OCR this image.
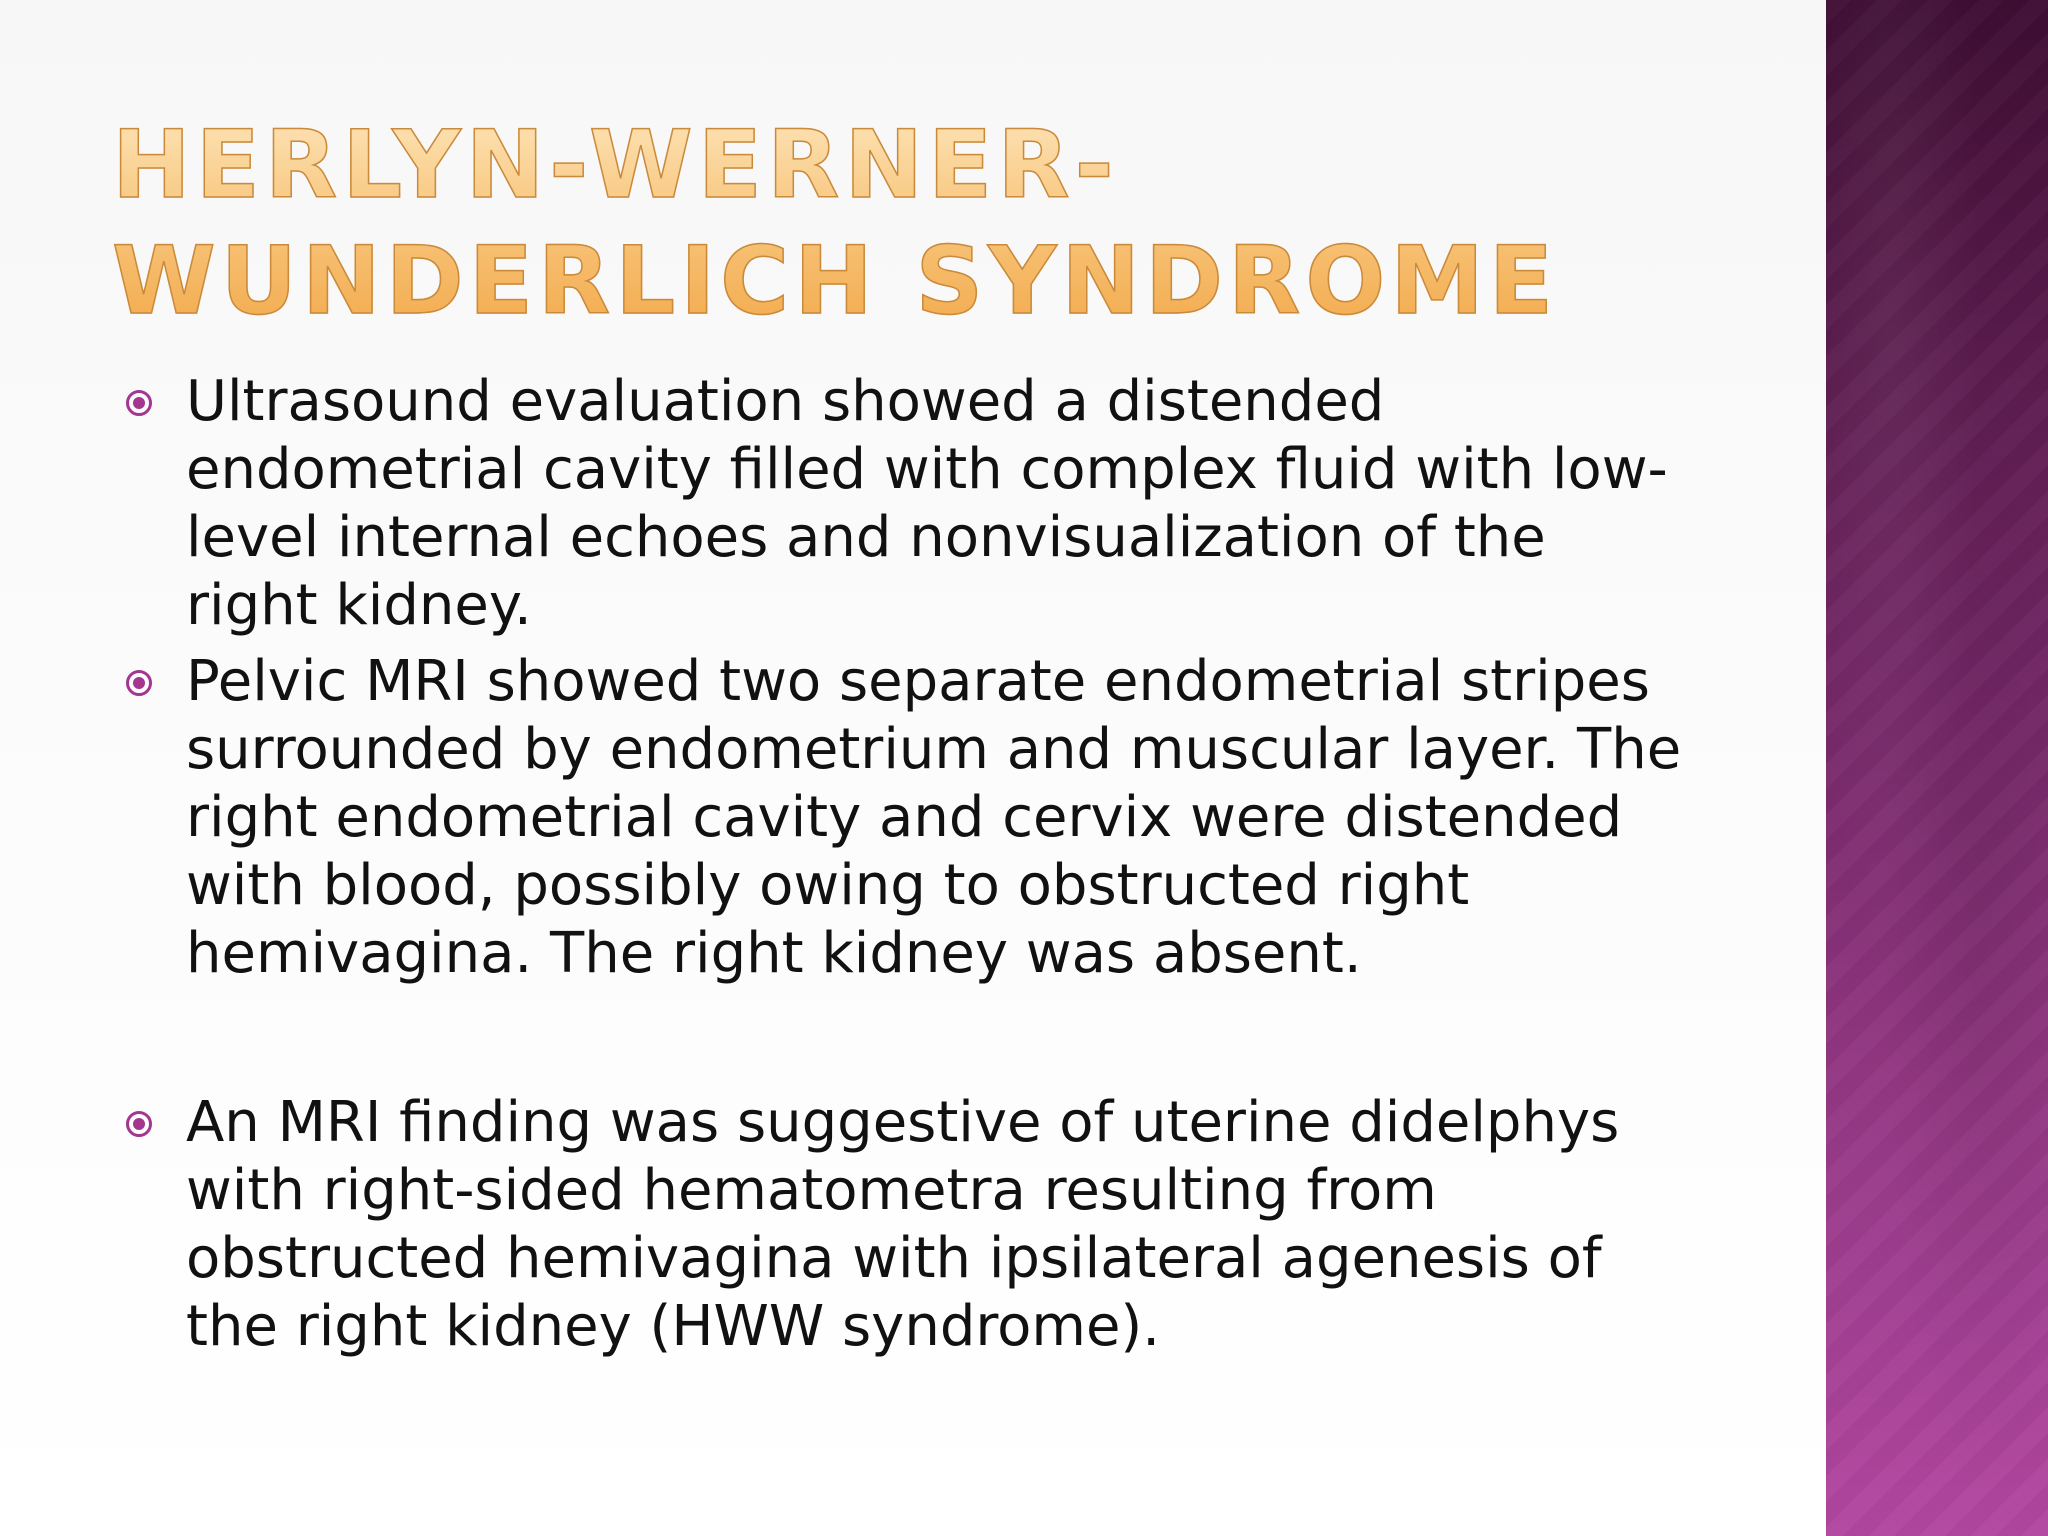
HERLYN-WERNER-WUNDERLICH SYNDROME
Ultrasound evaluation showed a distended endometrial cavity filled with complex fluid with low-level internal echoes and nonvisualization of the right kidney.
Pelvic MRI showed two separate endometrial stripes surrounded by endometrium and muscular layer. The right endometrial cavity and cervix were distended with blood, possibly owing to obstructed right hemivagina. The right kidney was absent.
An MRI finding was suggestive of uterine didelphys with right-sided hematometra resulting from obstructed hemivagina with ipsilateral agenesis of the right kidney (HWW syndrome).
